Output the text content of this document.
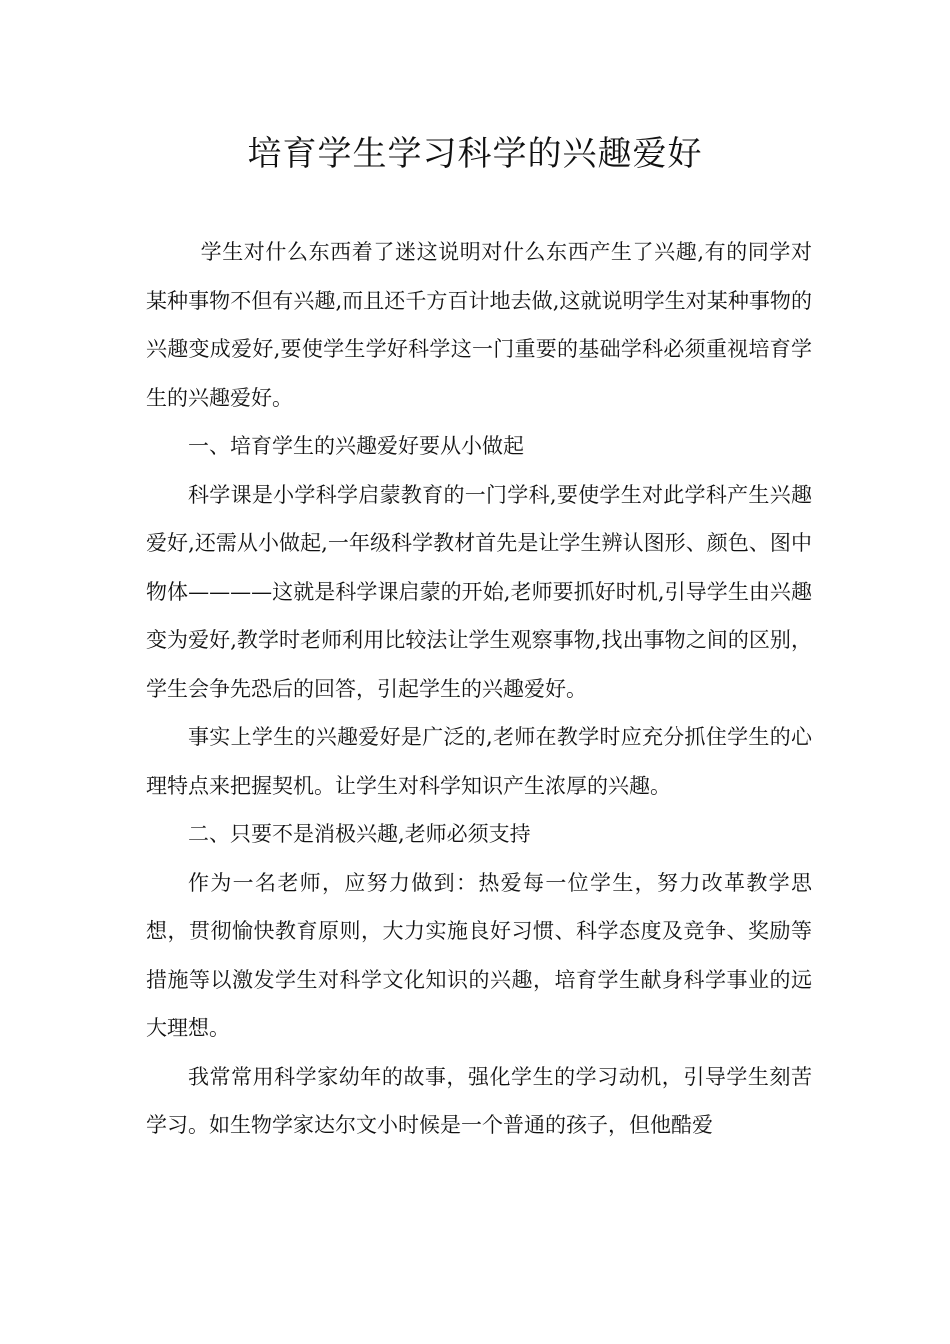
培育学生学习科学的兴趣爱好

学生对什么东西着了迷这说明对什么东西产生了兴趣,有的同学对某种事物不但有兴趣,而且还千方百计地去做,这就说明学生对某种事物的兴趣变成爱好,要使学生学好科学这一门重要的基础学科必须重视培育学生的兴趣爱好。

一、培育学生的兴趣爱好要从小做起

科学课是小学科学启蒙教育的一门学科,要使学生对此学科产生兴趣爱好,还需从小做起,一年级科学教材首先是让学生辨认图形、颜色、图中物体————这就是科学课启蒙的开始,老师要抓好时机,引导学生由兴趣变为爱好,教学时老师利用比较法让学生观察事物,找出事物之间的区别，学生会争先恐后的回答，引起学生的兴趣爱好。

事实上学生的兴趣爱好是广泛的,老师在教学时应充分抓住学生的心理特点来把握契机。让学生对科学知识产生浓厚的兴趣。

二、只要不是消极兴趣,老师必须支持

作为一名老师，应努力做到：热爱每一位学生，努力改革教学思想，贯彻愉快教育原则，大力实施良好习惯、科学态度及竞争、奖励等措施等以激发学生对科学文化知识的兴趣，培育学生献身科学事业的远大理想。

我常常用科学家幼年的故事，强化学生的学习动机，引导学生刻苦学习。如生物学家达尔文小时候是一个普通的孩子，但他酷爱
